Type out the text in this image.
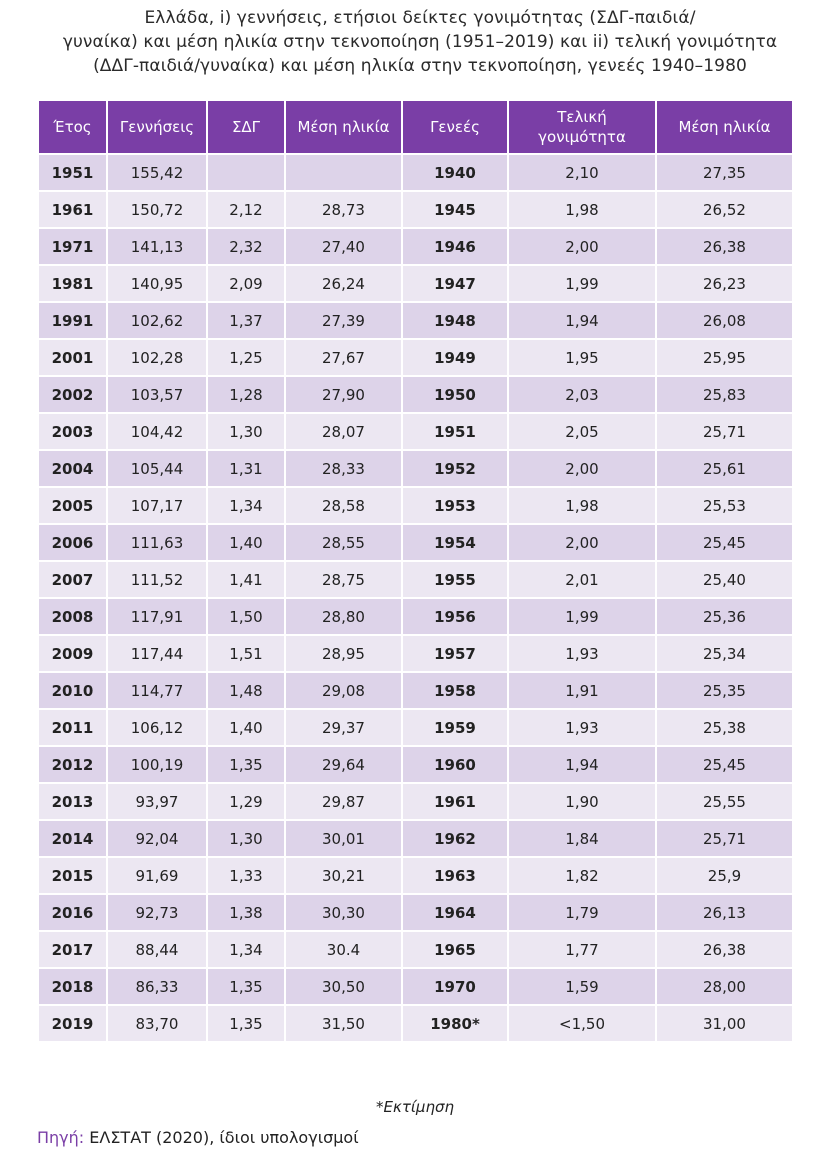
Ελλάδα, i) γεννήσεις, ετήσιοι δείκτες γονιμότητας (ΣΔΓ-παιδιά/
γυναίκα) και μέση ηλικία στην τεκνοποίηση (1951–2019) και ii) τελική γονιμότητα
(ΔΔΓ-παιδιά/γυναίκα) και μέση ηλικία στην τεκνοποίηση, γενεές 1940–1980
Έτος	Γεννήσεις	ΣΔΓ	Μέση ηλικία	Γενεές	Τελική γονιμότητα	Μέση ηλικία
1951	155,42			1940	2,10	27,35
1961	150,72	2,12	28,73	1945	1,98	26,52
1971	141,13	2,32	27,40	1946	2,00	26,38
1981	140,95	2,09	26,24	1947	1,99	26,23
1991	102,62	1,37	27,39	1948	1,94	26,08
2001	102,28	1,25	27,67	1949	1,95	25,95
2002	103,57	1,28	27,90	1950	2,03	25,83
2003	104,42	1,30	28,07	1951	2,05	25,71
2004	105,44	1,31	28,33	1952	2,00	25,61
2005	107,17	1,34	28,58	1953	1,98	25,53
2006	111,63	1,40	28,55	1954	2,00	25,45
2007	111,52	1,41	28,75	1955	2,01	25,40
2008	117,91	1,50	28,80	1956	1,99	25,36
2009	117,44	1,51	28,95	1957	1,93	25,34
2010	114,77	1,48	29,08	1958	1,91	25,35
2011	106,12	1,40	29,37	1959	1,93	25,38
2012	100,19	1,35	29,64	1960	1,94	25,45
2013	93,97	1,29	29,87	1961	1,90	25,55
2014	92,04	1,30	30,01	1962	1,84	25,71
2015	91,69	1,33	30,21	1963	1,82	25,9
2016	92,73	1,38	30,30	1964	1,79	26,13
2017	88,44	1,34	30.4	1965	1,77	26,38
2018	86,33	1,35	30,50	1970	1,59	28,00
2019	83,70	1,35	31,50	1980*	<1,50	31,00
*Εκτίμηση
Πηγή: ΕΛΣΤΑΤ (2020), ίδιοι υπολογισμοί
